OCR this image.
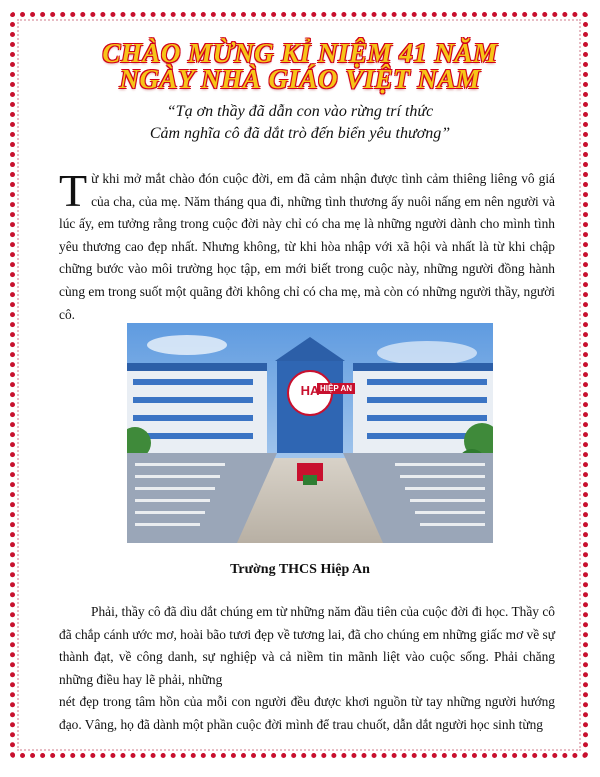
CHÀO MỪNG KỈ NIỆM 41 NĂM
NGÀY NHÀ GIÁO VIỆT NAM
“Tạ ơn thầy đã dẫn con vào rừng trí thức
Cảm nghĩa cô đã dắt trò đến biển yêu thương”
Từ khi mở mắt chào đón cuộc đời, em đã cảm nhận được tình cảm thiêng liêng vô giá của cha, của mẹ. Năm tháng qua đi, những tình thương ấy nuôi nấng em nên người và lúc ấy, em tưởng rằng trong cuộc đời này chỉ có cha mẹ là những người dành cho mình tình yêu thương cao đẹp nhất. Nhưng không, từ khi hòa nhập với xã hội và nhất là từ khi chập chững bước vào môi trường học tập, em mới biết trong cuộc này, những người đồng hành cùng em trong suốt một quãng đời không chỉ có cha mẹ, mà còn có những người thầy, người cô.
HIỆP AN
HA
Trường THCS Hiệp An
Phải, thầy cô đã dìu dắt chúng em từ những năm đầu tiên của cuộc đời đi học. Thầy cô đã chắp cánh ước mơ, hoài bão tươi đẹp về tương lai, đã cho chúng em những giấc mơ về sự thành đạt, về công danh, sự nghiệp và cả niềm tin mãnh liệt vào cuộc sống. Phải chăng những điều hay lẽ phải, những
nét đẹp trong tâm hồn của mỗi con người đều được khơi nguồn từ tay những người hướng đạo. Vâng, họ đã dành một phần cuộc đời mình để trau chuốt, dẫn dắt người học sinh từng
